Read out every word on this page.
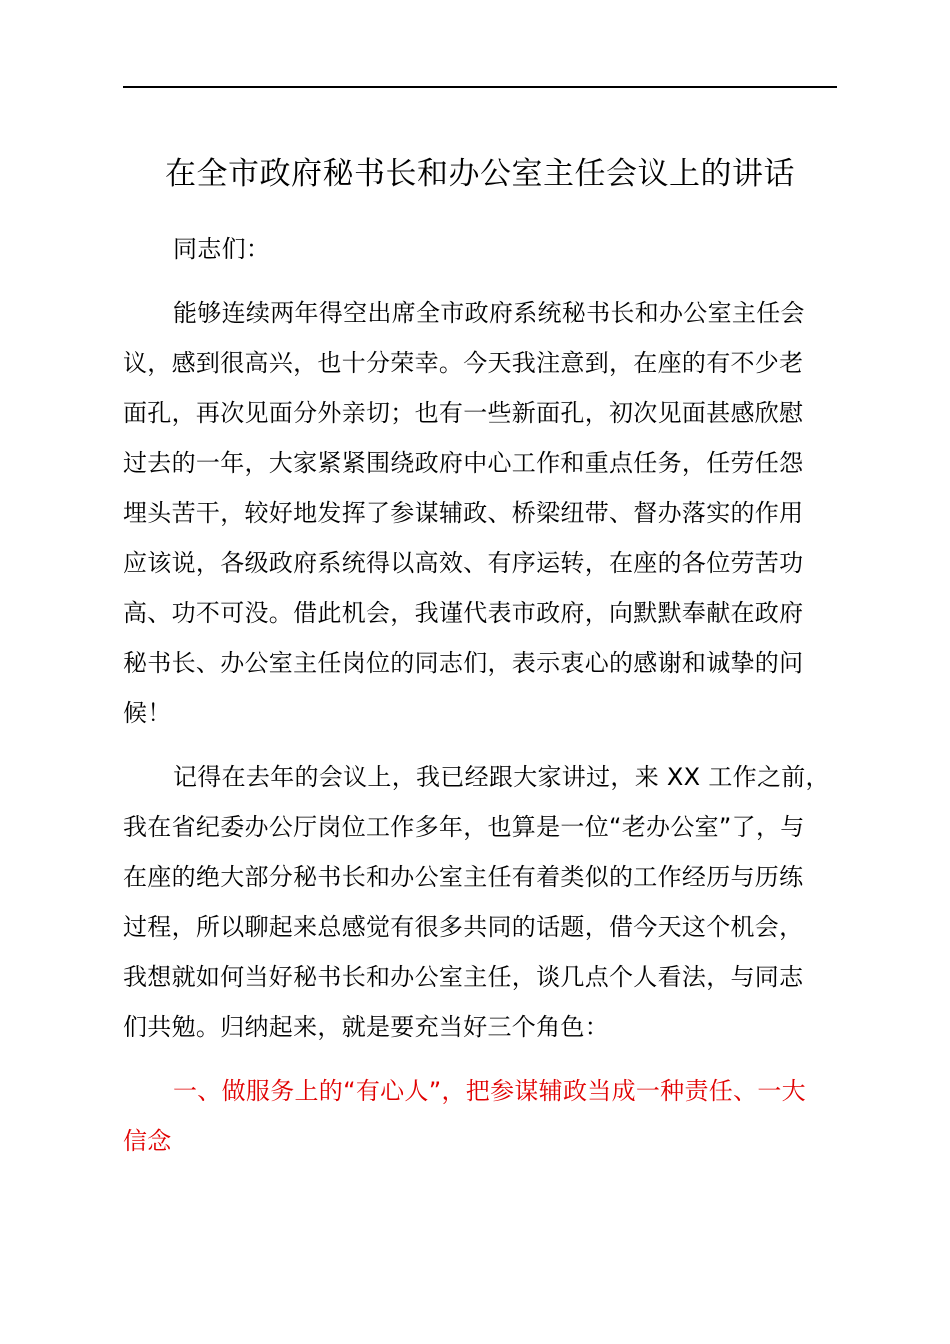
在全市政府秘书长和办公室主任会议上的讲话
同志们：
能够连续两年得空出席全市政府系统秘书长和办公室主任会
议，感到很高兴，也十分荣幸。今天我注意到，在座的有不少老
面孔，再次见面分外亲切；也有一些新面孔，初次见面甚感欣慰
过去的一年，大家紧紧围绕政府中心工作和重点任务，任劳任怨
埋头苦干，较好地发挥了参谋辅政、桥梁纽带、督办落实的作用
应该说，各级政府系统得以高效、有序运转，在座的各位劳苦功
高、功不可没。借此机会，我谨代表市政府，向默默奉献在政府
秘书长、办公室主任岗位的同志们，表示衷心的感谢和诚挚的问
候！
记得在去年的会议上，我已经跟大家讲过，来 XX 工作之前，
我在省纪委办公厅岗位工作多年，也算是一位“老办公室”了，与
在座的绝大部分秘书长和办公室主任有着类似的工作经历与历练
过程，所以聊起来总感觉有很多共同的话题，借今天这个机会，
我想就如何当好秘书长和办公室主任，谈几点个人看法，与同志
们共勉。归纳起来，就是要充当好三个角色：
一、做服务上的“有心人”，把参谋辅政当成一种责任、一大
信念
